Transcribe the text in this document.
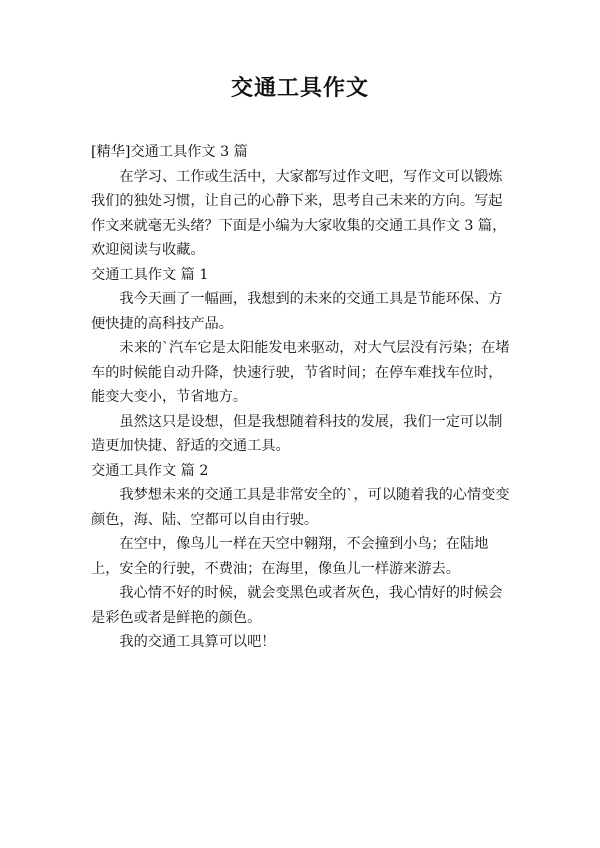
交通工具作文

[精华]交通工具作文 3 篇

在学习、工作或生活中，大家都写过作文吧，写作文可以锻炼我们的独处习惯，让自己的心静下来，思考自己未来的方向。写起作文来就毫无头绪？下面是小编为大家收集的交通工具作文 3 篇，欢迎阅读与收藏。

交通工具作文 篇 1

我今天画了一幅画，我想到的未来的交通工具是节能环保、方便快捷的高科技产品。

未来的`汽车它是太阳能发电来驱动，对大气层没有污染；在堵车的时候能自动升降，快速行驶，节省时间；在停车难找车位时，能变大变小，节省地方。

虽然这只是设想，但是我想随着科技的发展，我们一定可以制造更加快捷、舒适的交通工具。

交通工具作文 篇 2

我梦想未来的交通工具是非常安全的`，可以随着我的心情变变颜色，海、陆、空都可以自由行驶。

在空中，像鸟儿一样在天空中翱翔，不会撞到小鸟；在陆地上，安全的行驶，不费油；在海里，像鱼儿一样游来游去。

我心情不好的时候，就会变黑色或者灰色，我心情好的时候会是彩色或者是鲜艳的颜色。

我的交通工具算可以吧！
